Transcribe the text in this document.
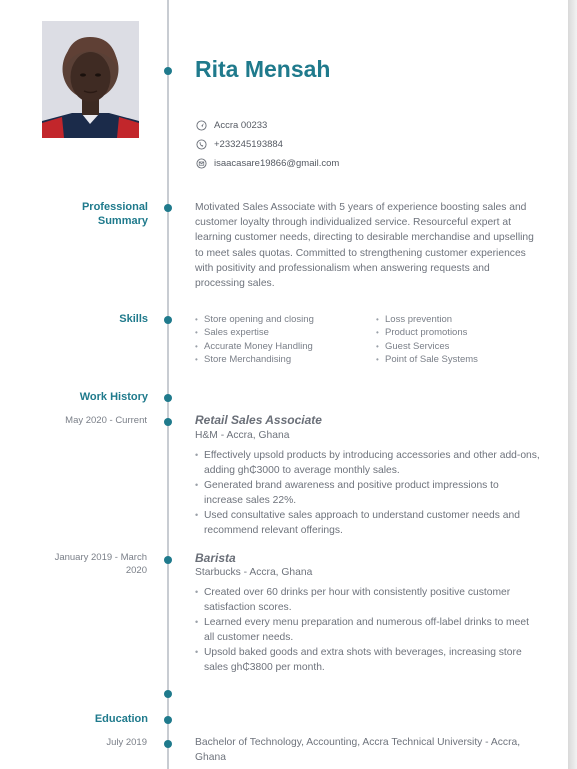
Rita Mensah
Accra 00233
+233245193884
isaacasare19866@gmail.com
Professional
Summary
Motivated Sales Associate with 5 years of experience boosting sales and customer loyalty through individualized service. Resourceful expert at learning customer needs, directing to desirable merchandise and upselling to meet sales quotas. Committed to strengthening customer experiences with positivity and professionalism when answering requests and processing sales.
Skills	• Store opening and closing	• Loss prevention
• Sales expertise	• Product promotions
• Accurate Money Handling	• Guest Services
• Store Merchandising	• Point of Sale Systems
Work History
May 2020 - Current	Retail Sales Associate
H&M - Accra, Ghana
• Effectively upsold products by introducing accessories and other add-ons, adding gh₵3000 to average monthly sales.
• Generated brand awareness and positive product impressions to increase sales 22%.
• Used consultative sales approach to understand customer needs and recommend relevant offerings.
January 2019 - March
2020
Barista
Starbucks - Accra, Ghana
• Created over 60 drinks per hour with consistently positive customer satisfaction scores.
• Learned every menu preparation and numerous off-label drinks to meet all customer needs.
• Upsold baked goods and extra shots with beverages, increasing store sales gh₵3800 per month.
Education
July 2019	Bachelor of Technology, Accounting, Accra Technical University - Accra, Ghana
